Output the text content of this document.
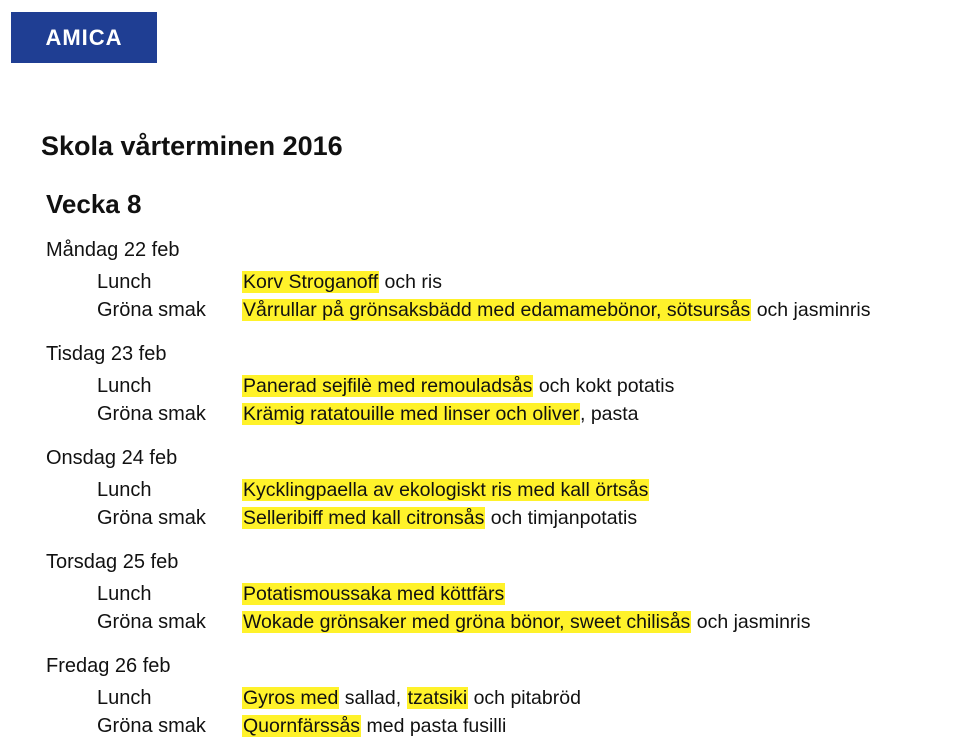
AMICA
Skola vårterminen 2016
Vecka 8
Måndag 22 feb
Lunch	Korv Stroganoff och ris
Gröna smak Vårrullar på grönsaksbädd med edamamebönor, sötsursås och jasminris
Tisdag 23 feb
Lunch	Panerad sejfilè med remouladsås och kokt potatis
Gröna smak Krämig ratatouille med linser och oliver, pasta
Onsdag 24 feb
Lunch	Kycklingpaella av ekologiskt ris med kall örtsås
Gröna smak Selleribiff med kall citronsås och timjanpotatis
Torsdag 25 feb
Lunch	Potatismoussaka med köttfärs
Gröna smak Wokade grönsaker med gröna bönor, sweet chilisås och jasminris
Fredag 26 feb
Lunch	Gyros med sallad, tzatsiki och pitabröd
Gröna smak Quornfärssås med pasta fusilli
